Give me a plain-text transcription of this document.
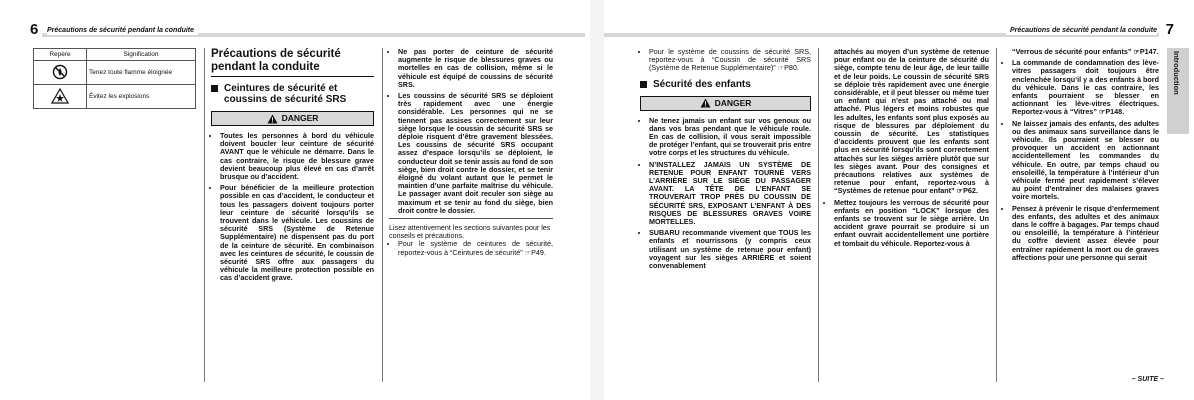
6	Précautions de sécurité pendant la conduite
Repère	Signification
	Tenez toute flamme éloignée
	Évitez les explosions
Précautions de sécurité pendant la conduite
Ceintures de sécurité et coussins de sécurité SRS
DANGER
• Toutes les personnes à bord du véhicule doivent boucler leur ceinture de sécurité AVANT que le véhicule ne démarre. Dans le cas contraire, le risque de blessure grave devient beaucoup plus élevé en cas d’arrêt brusque ou d’accident.
• Pour bénéficier de la meilleure protection possible en cas d’accident, le conducteur et tous les passagers doivent toujours porter leur ceinture de sécurité lorsqu’ils se trouvent dans le véhicule. Les coussins de sécurité SRS (Système de Retenue Supplémentaire) ne dispensent pas du port de la ceinture de sécurité. En combinaison avec les ceintures de sécurité, le coussin de sécurité SRS offre aux passagers du véhicule la meilleure protection possible en cas d’accident grave.
• Ne pas porter de ceinture de sécurité augmente le risque de blessures graves ou mortelles en cas de collision, même si le véhicule est équipé de coussins de sécurité SRS.
• Les coussins de sécurité SRS se déploient très rapidement avec une énergie considérable. Les personnes qui ne se tiennent pas assises correctement sur leur siège lorsque le coussin de sécurité SRS se déploie risquent d’être gravement blessées. Les coussins de sécurité SRS occupant assez d’espace lorsqu’ils se déploient, le conducteur doit se tenir assis au fond de son siège, bien droit contre le dossier, et se tenir éloigné du volant autant que le permet le maintien d’une parfaite maîtrise du véhicule. Le passager avant doit reculer son siège au maximum et se tenir au fond du siège, bien droit contre le dossier.

Lisez attentivement les sections suivantes pour les conseils et précautions.

• Pour le système de ceintures de sécurité, reportez-vous à “Ceintures de sécurité” ☞P49.
Précautions de sécurité pendant la conduite 7
Introduction
• Pour le système de coussins de sécurité SRS, reportez-vous à “Coussin de sécurité SRS (Système de Retenue Supplémentaire)” ☞P80.
Sécurité des enfants
DANGER
• Ne tenez jamais un enfant sur vos genoux ou dans vos bras pendant que le véhicule roule. En cas de collision, il vous serait impossible de protéger l’enfant, qui se trouverait pris entre votre corps et les structures du véhicule.
• N’INSTALLEZ JAMAIS UN SYSTÈME DE RETENUE POUR ENFANT TOURNÉ VERS L’ARRIÈRE SUR LE SIÈGE DU PASSAGER AVANT. LA TÊTE DE L’ENFANT SE TROUVERAIT TROP PRÈS DU COUSSIN DE SÉCURITÉ SRS, EXPOSANT L’ENFANT À DES RISQUES DE BLESSURES GRAVES VOIRE MORTELLES.
• SUBARU recommande vivement que TOUS les enfants et nourrissons (y compris ceux utilisant un système de retenue pour enfant) voyagent sur les sièges ARRIÈRE et soient convenablement

attachés au moyen d’un système de retenue pour enfant ou de la ceinture de sécurité du siège, compte tenu de leur âge, de leur taille et de leur poids. Le coussin de sécurité SRS se déploie très rapidement avec une énergie considérable, et il peut blesser ou même tuer un enfant qui n’est pas attaché ou mal attaché. Plus légers et moins robustes que les adultes, les enfants sont plus exposés au risque de blessures par déploiement du coussin de sécurité. Les statistiques d’accidents prouvent que les enfants sont plus en sécurité lorsqu’ils sont correctement attachés sur les sièges arrière plutôt que sur les sièges avant. Pour des consignes et précautions relatives aux systèmes de retenue pour enfant, reportez-vous à “Systèmes de retenue pour enfant” ☞P62.

• Mettez toujours les verrous de sécurité pour enfants en position “LOCK” lorsque des enfants se trouvent sur le siège arrière. Un accident grave pourrait se produire si un enfant ouvrait accidentellement une portière et tombait du véhicule. Reportez-vous à

“Verrous de sécurité pour enfants” ☞P147.

• La commande de condamnation des lève-vitres passagers doit toujours être enclenchée lorsqu’il y a des enfants à bord du véhicule. Dans le cas contraire, les enfants pourraient se blesser en actionnant les lève-vitres électriques. Reportez-vous à “Vitres” ☞P148.
• Ne laissez jamais des enfants, des adultes ou des animaux sans surveillance dans le véhicule. Ils pourraient se blesser ou provoquer un accident en actionnant accidentellement les commandes du véhicule. En outre, par temps chaud ou ensoleillé, la température à l’intérieur d’un véhicule fermé peut rapidement s’élever au point d’entraîner des malaises graves voire mortels.
• Pensez à prévenir le risque d’enfermement des enfants, des adultes et des animaux dans le coffre à bagages. Par temps chaud ou ensoleillé, la température à l’intérieur du coffre devient assez élevée pour entraîner rapidement la mort ou de graves affections pour une personne qui serait
– SUITE –
